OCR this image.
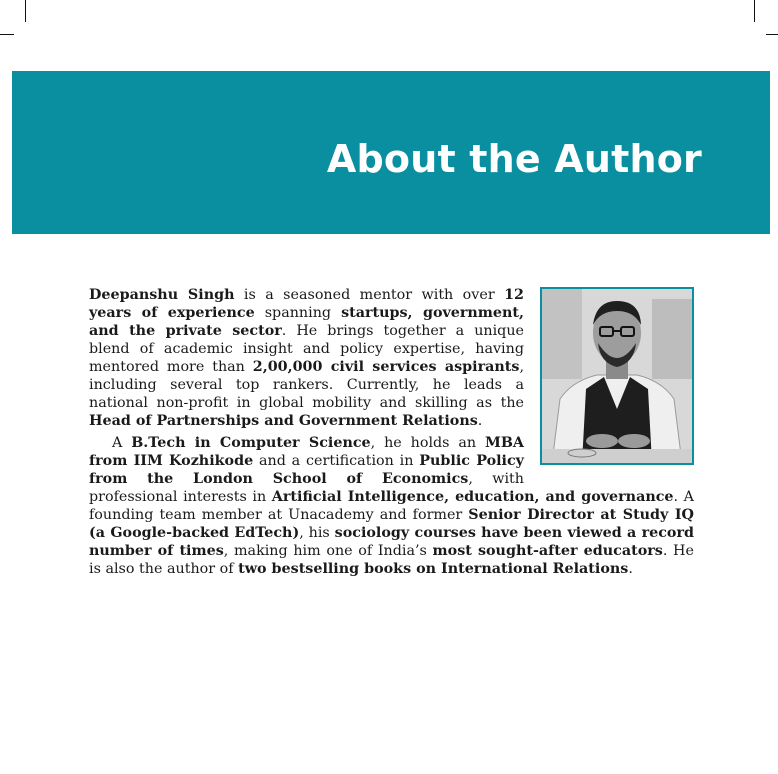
About the Author

Deepanshu Singh is a seasoned mentor with over 12 years of experience spanning startups, government, and the private sector. He brings together a unique blend of academic insight and policy expertise, having mentored more than 2,00,000 civil services aspirants, including several top rankers. Currently, he leads a national non-profit in global mobility and skilling as the Head of Partnerships and Government Relations.

A B.Tech in Computer Science, he holds an MBA from IIM Kozhikode and a certification in Public Policy from the London School of Economics, with professional interests in Artificial Intelligence, education, and governance. A founding team member at Unacademy and former Senior Director at Study IQ (a Google-backed EdTech), his sociology courses have been viewed a record number of times, making him one of India’s most sought-after educators. He is also the author of two bestselling books on International Relations.
